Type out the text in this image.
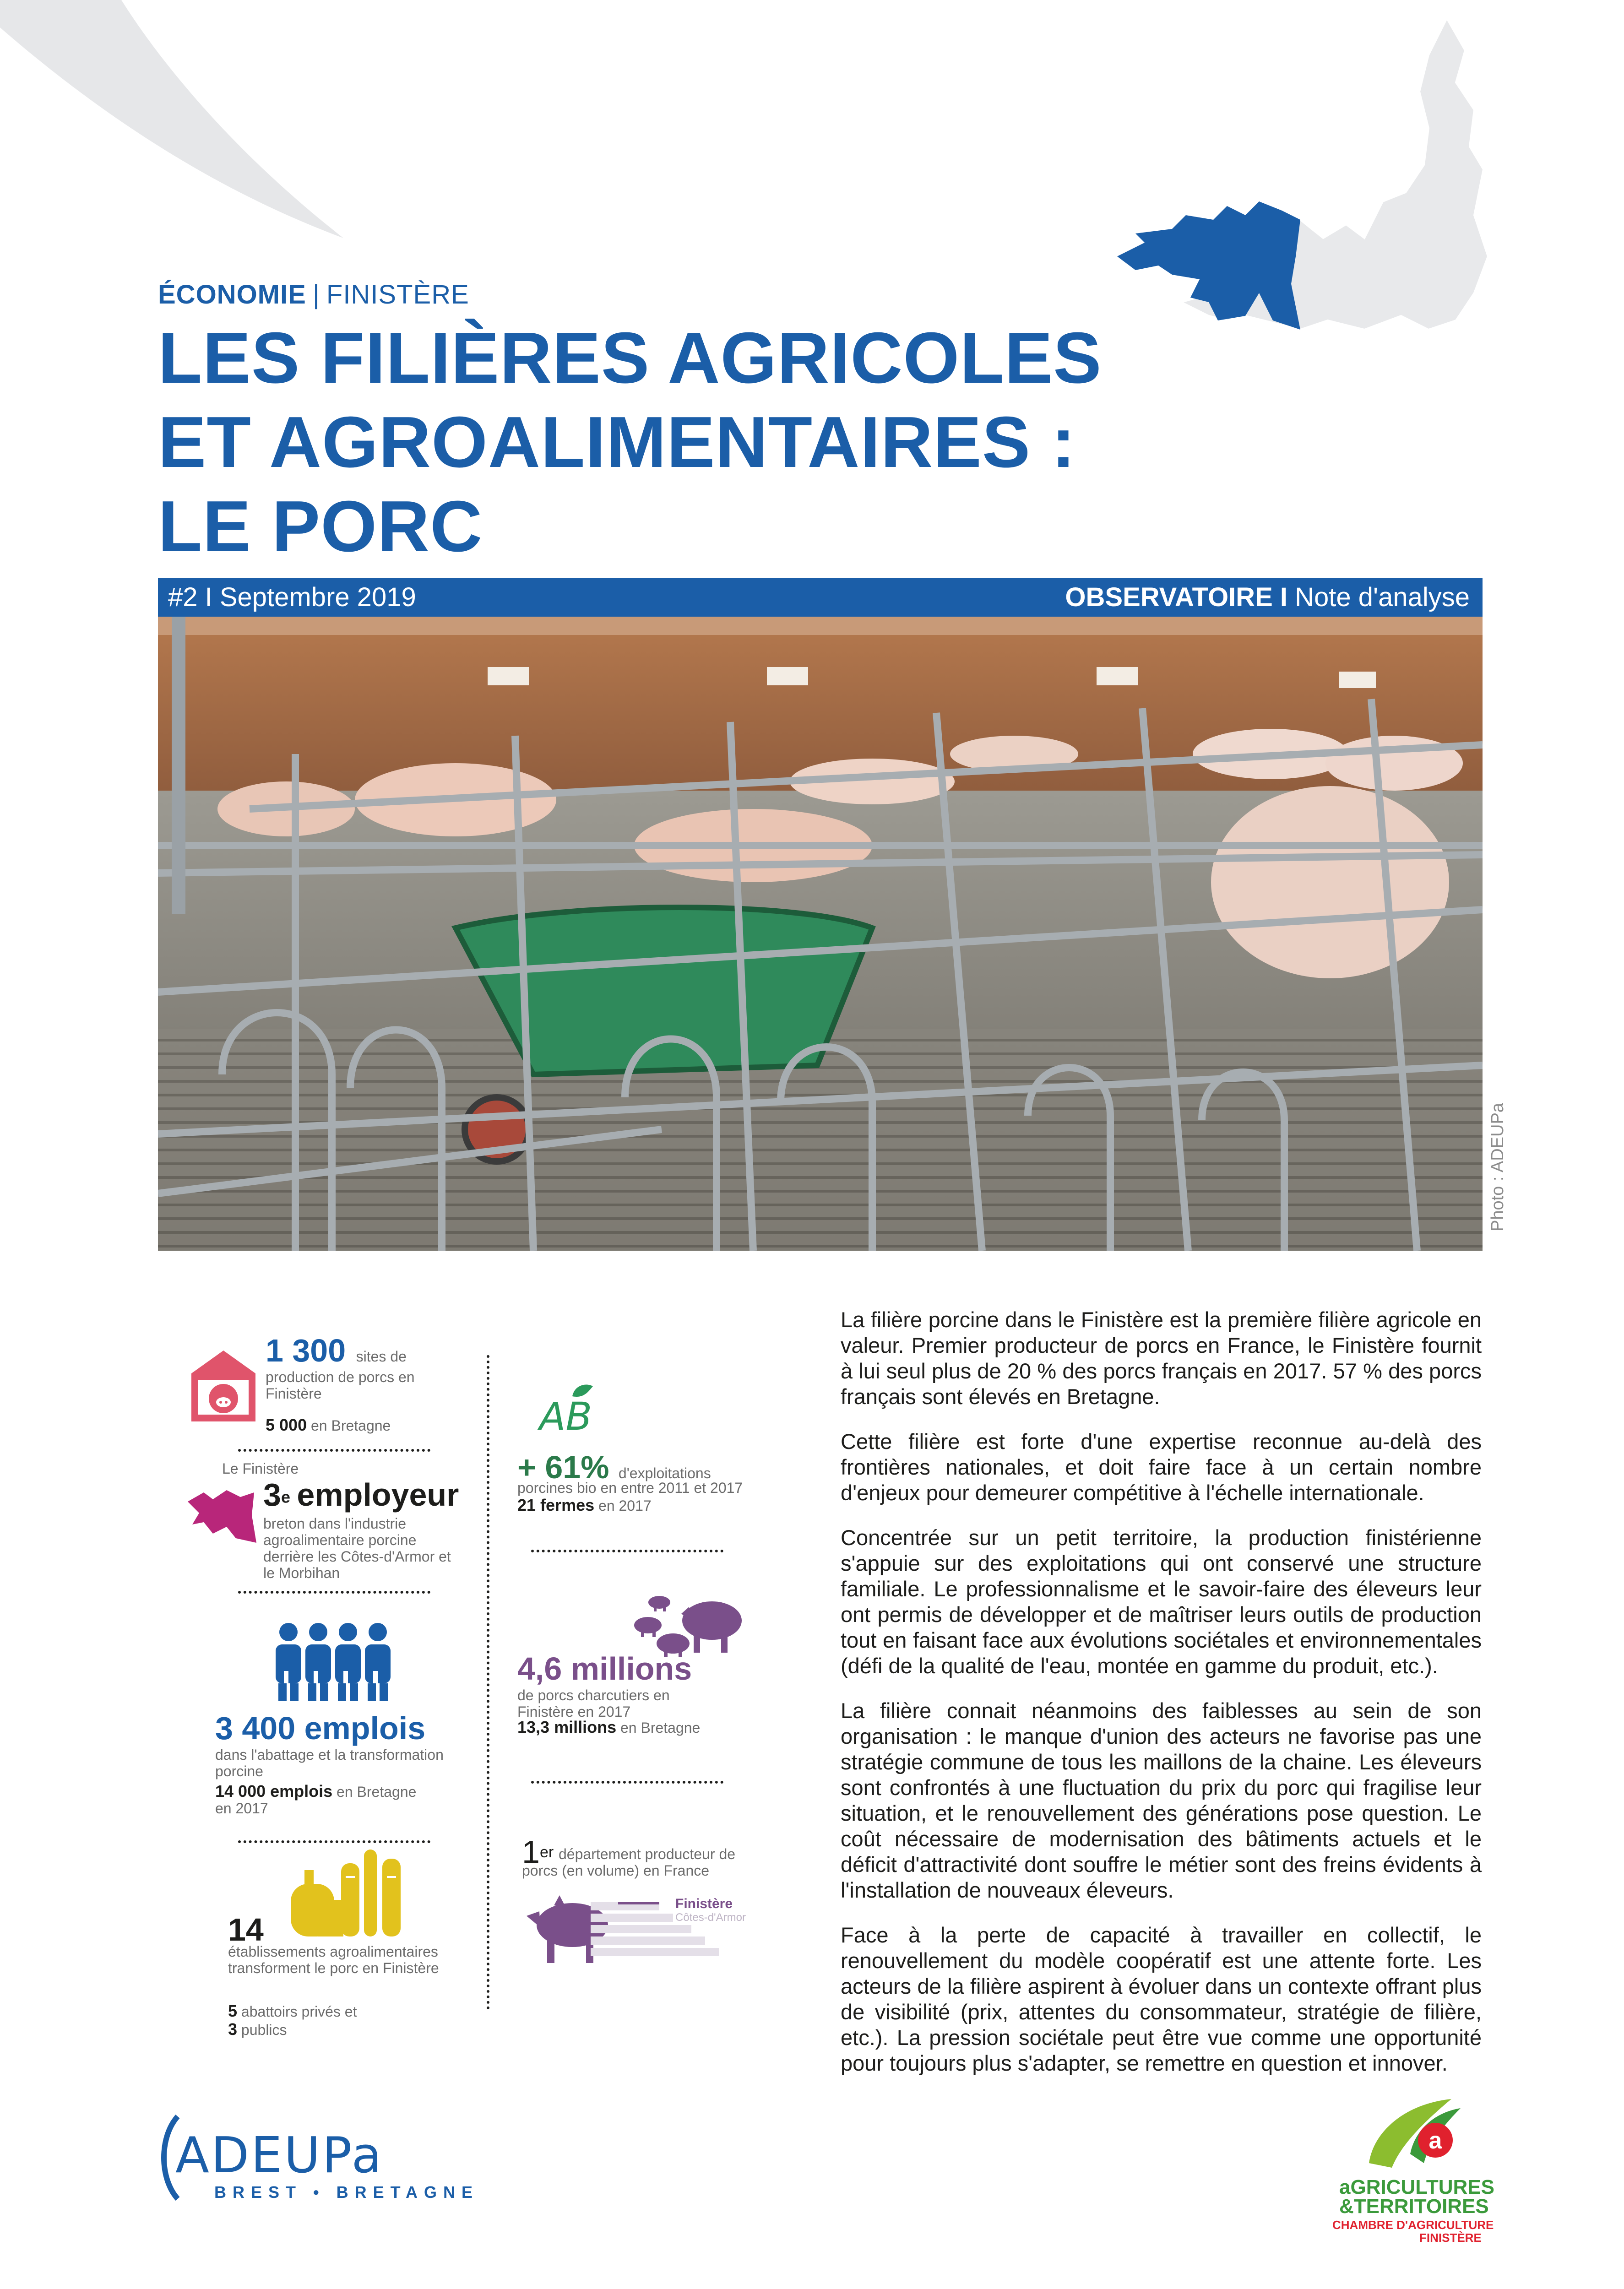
ÉCONOMIE | FINISTÈRE
LES FILIÈRES AGRICOLES
ET AGROALIMENTAIRES :
LE PORC
#2 I Septembre 2019	OBSERVATOIRE I Note d'analyse
Photo : ADEUPa
1 300 sites de
production de porcs en Finistère
5 000 en Bretagne
Le Finistère
3e employeur
breton dans l'industrie agroalimentaire porcine derrière les Côtes-d'Armor et le Morbihan
3 400 emplois
dans l'abattage et la transformation porcine
14 000 emplois en Bretagne
en 2017
14
établissements agroalimentaires transforment le porc en Finistère
5 abattoirs privés et
3 publics
AB
+ 61% d'exploitations
porcines bio en entre 2011 et 2017
21 fermes en 2017
4,6 millions
de porcs charcutiers en Finistère en 2017
13,3 millions en Bretagne
1er département producteur de porcs (en volume) en France
Finistère
Côtes-d'Armor

La filière porcine dans le Finistère est la première filière agricole en valeur. Premier producteur de porcs en France, le Finistère fournit à lui seul plus de 20 % des porcs français en 2017. 57 % des porcs français sont élevés en Bretagne.

Cette filière est forte d'une expertise reconnue au-delà des frontières nationales, et doit faire face à un certain nombre d'enjeux pour demeurer compétitive à l'échelle internationale.

Concentrée sur un petit territoire, la production finistérienne s'appuie sur des exploitations qui ont conservé une structure familiale. Le professionnalisme et le savoir-faire des éleveurs leur ont permis de développer et de maîtriser leurs outils de production tout en faisant face aux évolutions sociétales et environnementales (défi de la qualité de l'eau, montée en gamme du produit, etc.).

La filière connait néanmoins des faiblesses au sein de son organisation : le manque d'union des acteurs ne favorise pas une stratégie commune de tous les maillons de la chaine. Les éleveurs sont confrontés à une fluctuation du prix du porc qui fragilise leur situation, et le renouvellement des générations pose question. Le coût nécessaire de modernisation des bâtiments actuels et le déficit d'attractivité dont souffre le métier sont des freins évidents à l'installation de nouveaux éleveurs.

Face à la perte de capacité à travailler en collectif, le renouvellement du modèle coopératif est une attente forte. Les acteurs de la filière aspirent à évoluer dans un contexte offrant plus de visibilité (prix, attentes du consommateur, stratégie de filière, etc.). La pression sociétale peut être vue comme une opportunité pour toujours plus s'adapter, se remettre en question et innover.

ADEUPa
BREST • BRETAGNE
a
aGRICULTURES
&TERRITOIRES
CHAMBRE D'AGRICULTURE
FINISTÈRE
